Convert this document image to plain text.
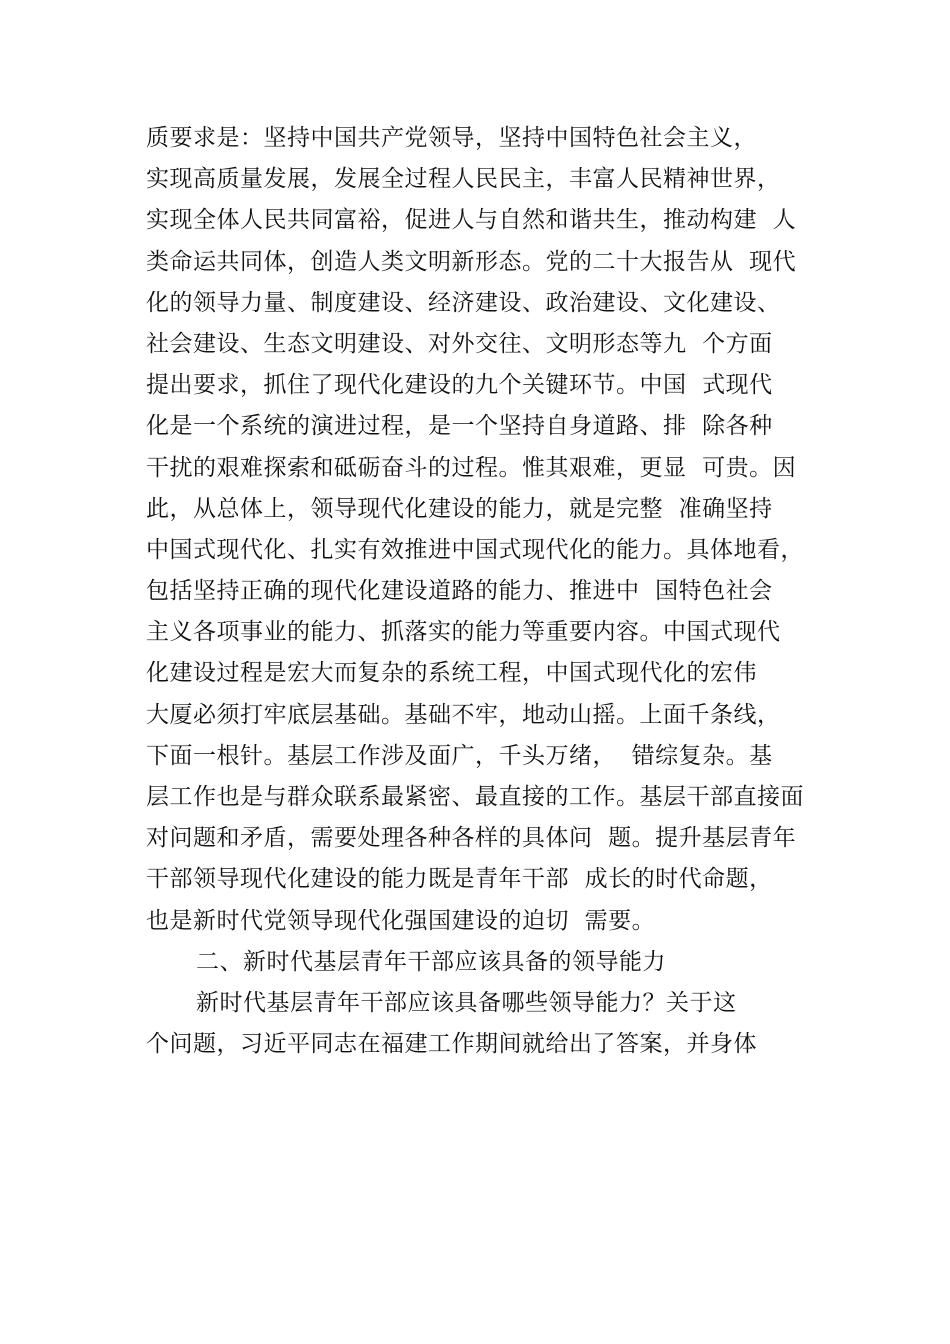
质要求是：坚持中国共产党领导，坚持中国特色社会主义，
实现高质量发展，发展全过程人民民主，丰富人民精神世界，
实现全体人民共同富裕，促进人与自然和谐共生，推动构建  人
类命运共同体，创造人类文明新形态。党的二十大报告从  现代
化的领导力量、制度建设、经济建设、政治建设、文化建设、
社会建设、生态文明建设、对外交往、文明形态等九  个方面
提出要求，抓住了现代化建设的九个关键环节。中国  式现代
化是一个系统的演进过程，是一个坚持自身道路、排  除各种
干扰的艰难探索和砥砺奋斗的过程。惟其艰难，更显  可贵。因
此，从总体上，领导现代化建设的能力，就是完整  准确坚持
中国式现代化、扎实有效推进中国式现代化的能力。具体地看，
包括坚持正确的现代化建设道路的能力、推进中  国特色社会
主义各项事业的能力、抓落实的能力等重要内容。中国式现代
化建设过程是宏大而复杂的系统工程，中国式现代化的宏伟
大厦必须打牢底层基础。基础不牢，地动山摇。上面千条线，
下面一根针。基层工作涉及面广，千头万绪，  错综复杂。基
层工作也是与群众联系最紧密、最直接的工作。基层干部直接面
对问题和矛盾，需要处理各种各样的具体问  题。提升基层青年
干部领导现代化建设的能力既是青年干部  成长的时代命题，
也是新时代党领导现代化强国建设的迫切  需要。
二、新时代基层青年干部应该具备的领导能力
新时代基层青年干部应该具备哪些领导能力？关于这
个问题，习近平同志在福建工作期间就给出了答案，并身体
